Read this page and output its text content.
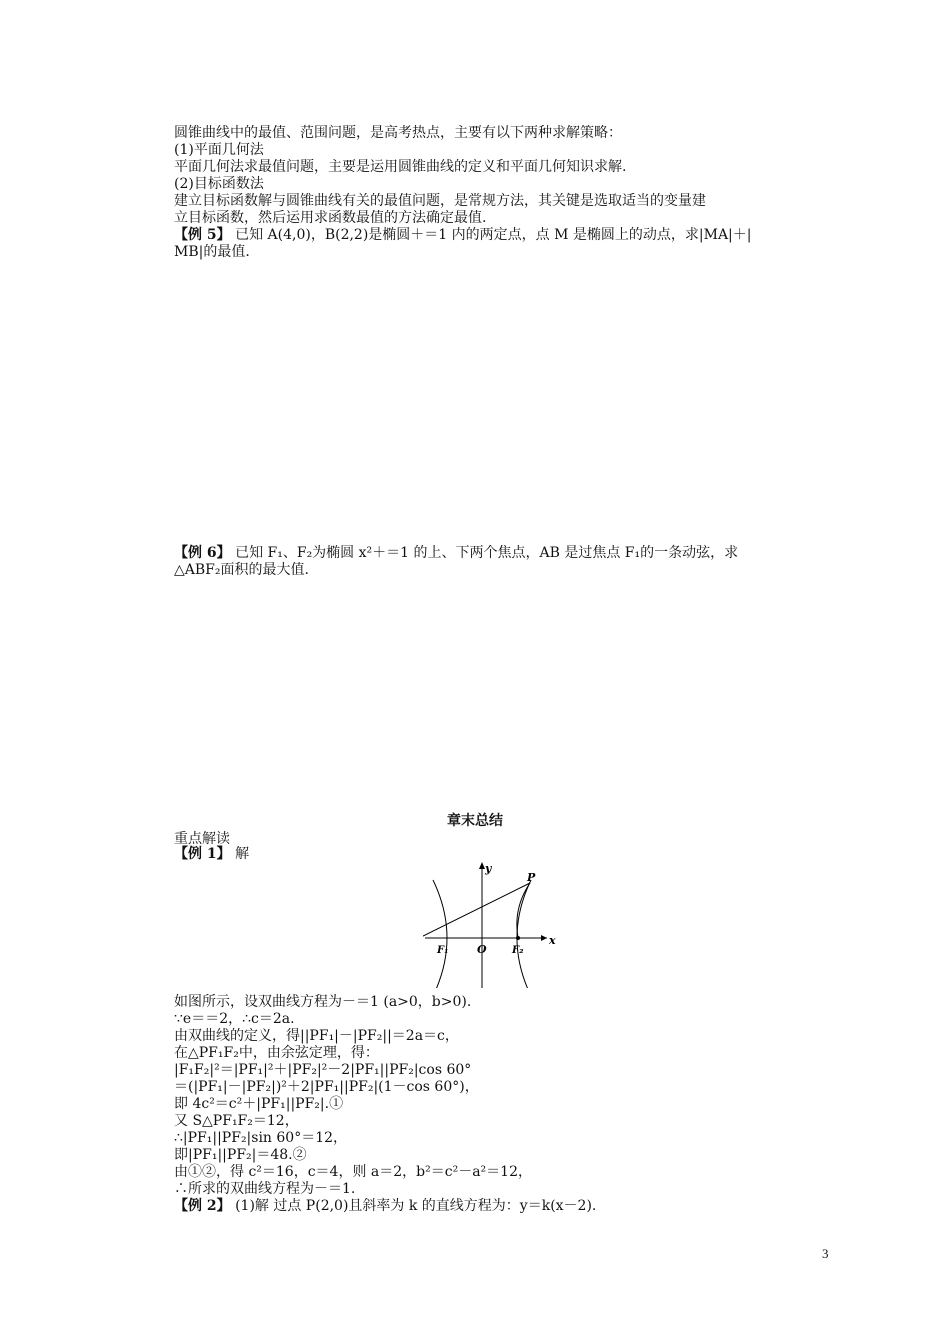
圆锥曲线中的最值、范围问题，是高考热点，主要有以下两种求解策略：
(1)平面几何法
平面几何法求最值问题，主要是运用圆锥曲线的定义和平面几何知识求解.
(2)目标函数法
建立目标函数解与圆锥曲线有关的最值问题，是常规方法，其关键是选取适当的变量建
立目标函数，然后运用求函数最值的方法确定最值.
【例 5】 已知 A(4,0)，B(2,2)是椭圆＋＝1 内的两定点，点 M 是椭圆上的动点，求|MA|＋|
MB|的最值.
【例 6】 已知 F₁、F₂为椭圆 x²＋＝1 的上、下两个焦点，AB 是过焦点 F₁的一条动弦，求
△ABF₂面积的最大值.
章末总结
重点解读
【例 1】 解
y
x
P
O
F₁	F₂
如图所示，设双曲线方程为－＝1 (a>0，b>0).
∵e＝＝2，∴c＝2a.
由双曲线的定义，得||PF₁|－|PF₂||＝2a＝c，
在△PF₁F₂中，由余弦定理，得：
|F₁F₂|²＝|PF₁|²＋|PF₂|²－2|PF₁||PF₂|cos 60°
＝(|PF₁|－|PF₂|)²＋2|PF₁||PF₂|(1－cos 60°)，
即 4c²＝c²＋|PF₁||PF₂|.①
又 S△PF₁F₂＝12，
∴|PF₁||PF₂|sin 60°＝12，
即|PF₁||PF₂|＝48.②
由①②，得 c²＝16，c＝4，则 a＝2，b²＝c²－a²＝12，
∴所求的双曲线方程为－＝1.
【例 2】 (1)解 过点 P(2,0)且斜率为 k 的直线方程为：y＝k(x－2).
3
